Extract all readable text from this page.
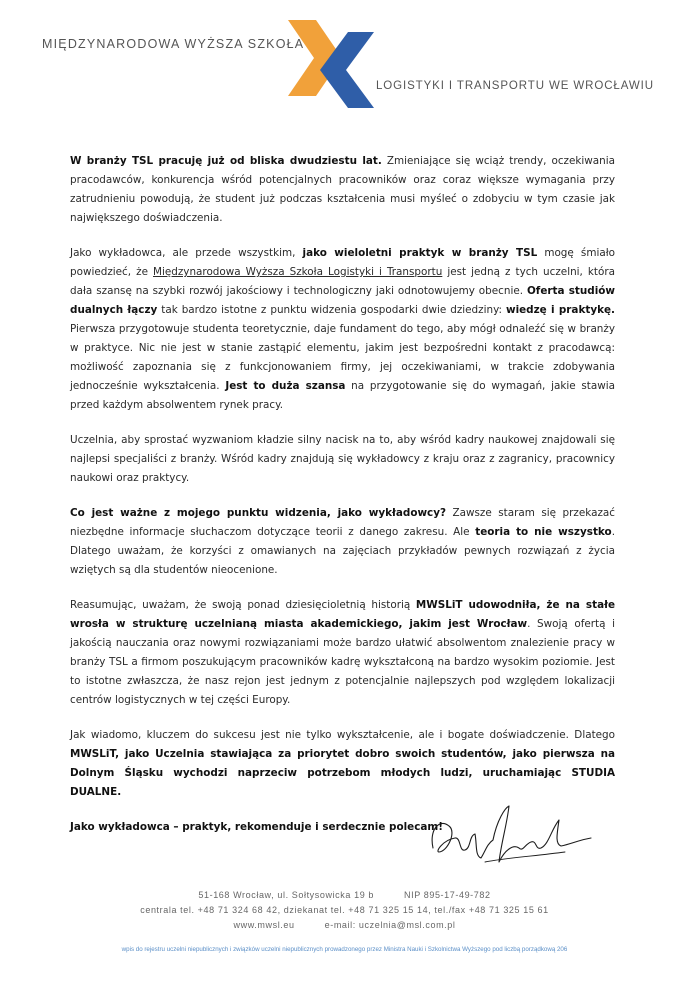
MIĘDZYNARODOWA WYŻSZA SZKOŁA
LOGISTYKI I TRANSPORTU WE WROCŁAWIU

W branży TSL pracuję już od bliska dwudziestu lat. Zmieniające się wciąż trendy, oczekiwania pracodawców, konkurencja wśród potencjalnych pracowników oraz coraz większe wymagania przy zatrudnieniu powodują, że student już podczas kształcenia musi myśleć o zdobyciu w tym czasie jak największego doświadczenia.

Jako wykładowca, ale przede wszystkim, jako wieloletni praktyk w branży TSL mogę śmiało powiedzieć, że Międzynarodowa Wyższa Szkoła Logistyki i Transportu jest jedną z tych uczelni, która dała szansę na szybki rozwój jakościowy i technologiczny jaki odnotowujemy obecnie. Oferta studiów dualnych łączy tak bardzo istotne z punktu widzenia gospodarki dwie dziedziny: wiedzę i praktykę. Pierwsza przygotowuje studenta teoretycznie, daje fundament do tego, aby mógł odnaleźć się w branży w praktyce. Nic nie jest w stanie zastąpić elementu, jakim jest bezpośredni kontakt z pracodawcą: możliwość zapoznania się z funkcjonowaniem firmy, jej oczekiwaniami, w trakcie zdobywania jednocześnie wykształcenia. Jest to duża szansa na przygotowanie się do wymagań, jakie stawia przed każdym absolwentem rynek pracy.

Uczelnia, aby sprostać wyzwaniom kładzie silny nacisk na to, aby wśród kadry naukowej znajdowali się najlepsi specjaliści z branży. Wśród kadry znajdują się wykładowcy z kraju oraz z zagranicy, pracownicy naukowi oraz praktycy.

Co jest ważne z mojego punktu widzenia, jako wykładowcy? Zawsze staram się przekazać niezbędne informacje słuchaczom dotyczące teorii z danego zakresu. Ale teoria to nie wszystko. Dlatego uważam, że korzyści z omawianych na zajęciach przykładów pewnych rozwiązań z życia wziętych są dla studentów nieocenione.

Reasumując, uważam, że swoją ponad dziesięcioletnią historią MWSLiT udowodniła, że na stałe wrosła w strukturę uczelnianą miasta akademickiego, jakim jest Wrocław. Swoją ofertą i jakością nauczania oraz nowymi rozwiązaniami może bardzo ułatwić absolwentom znalezienie pracy w branży TSL a firmom poszukującym pracowników kadrę wykształconą na bardzo wysokim poziomie. Jest to istotne zwłaszcza, że nasz rejon jest jednym z potencjalnie najlepszych pod względem lokalizacji centrów logistycznych w tej części Europy.

Jak wiadomo, kluczem do sukcesu jest nie tylko wykształcenie, ale i bogate doświadczenie. Dlatego MWSLiT, jako Uczelnia stawiająca za priorytet dobro swoich studentów, jako pierwsza na Dolnym Śląsku wychodzi naprzeciw potrzebom młodych ludzi, uruchamiając STUDIA DUALNE.

Jako wykładowca – praktyk, rekomenduje i serdecznie polecam!

51-168 Wrocław, ul. Sołtysowicka 19 b	NIP 895-17-49-782
centrala tel. +48 71 324 68 42, dziekanat tel. +48 71 325 15 14, tel./fax +48 71 325 15 61
www.mwsl.eu	e-mail: uczelnia@msl.com.pl
wpis do rejestru uczelni niepublicznych i związków uczelni niepublicznych prowadzonego przez Ministra Nauki i Szkolnictwa Wyższego pod liczbą porządkową 206
